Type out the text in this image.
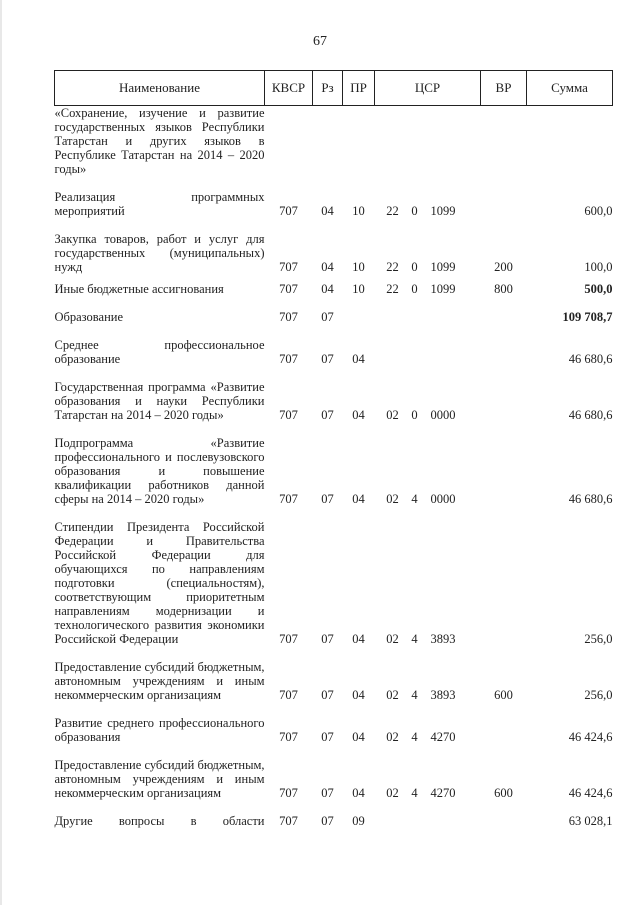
67
Наименование	КВСР	Рз	ПР	ЦСР	ВР	Сумма
«Сохранение, изучение и развитие государственных языков Республики Татарстан и других языков в Республике Татарстан на 2014 – 2020 годы»						

Реализация программных мероприятий	707	04	10	22 0 1099		600,0

Закупка товаров, работ и услуг для государственных (муниципальных) нужд	707	04	10	22 0 1099	200	100,0

Иные бюджетные ассигнования	707	04	10	22 0 1099	800	500,0

Образование	707	07				109 708,7

Среднее профессиональное образование	707	07	04			46 680,6

Государственная программа «Развитие образования и науки Республики Татарстан на 2014 – 2020 годы»	707	07	04	02 0 0000		46 680,6

Подпрограмма «Развитие профессионального и послевузовского образования и повышение квалификации работников данной сферы на 2014 – 2020 годы»	707	07	04	02 4 0000		46 680,6

Стипендии Президента Российской Федерации и Правительства Российской Федерации для обучающихся по направлениям подготовки (специальностям), соответствующим приоритетным направлениям модернизации и технологического развития экономики Российской Федерации	707	07	04	02 4 3893		256,0

Предоставление субсидий бюджетным, автономным учреждениям и иным некоммерческим организациям	707	07	04	02 4 3893	600	256,0

Развитие среднего профессионального образования	707	07	04	02 4 4270		46 424,6

Предоставление субсидий бюджетным, автономным учреждениям и иным некоммерческим организациям	707	07	04	02 4 4270	600	46 424,6

Другие вопросы в области	707	07	09			63 028,1
